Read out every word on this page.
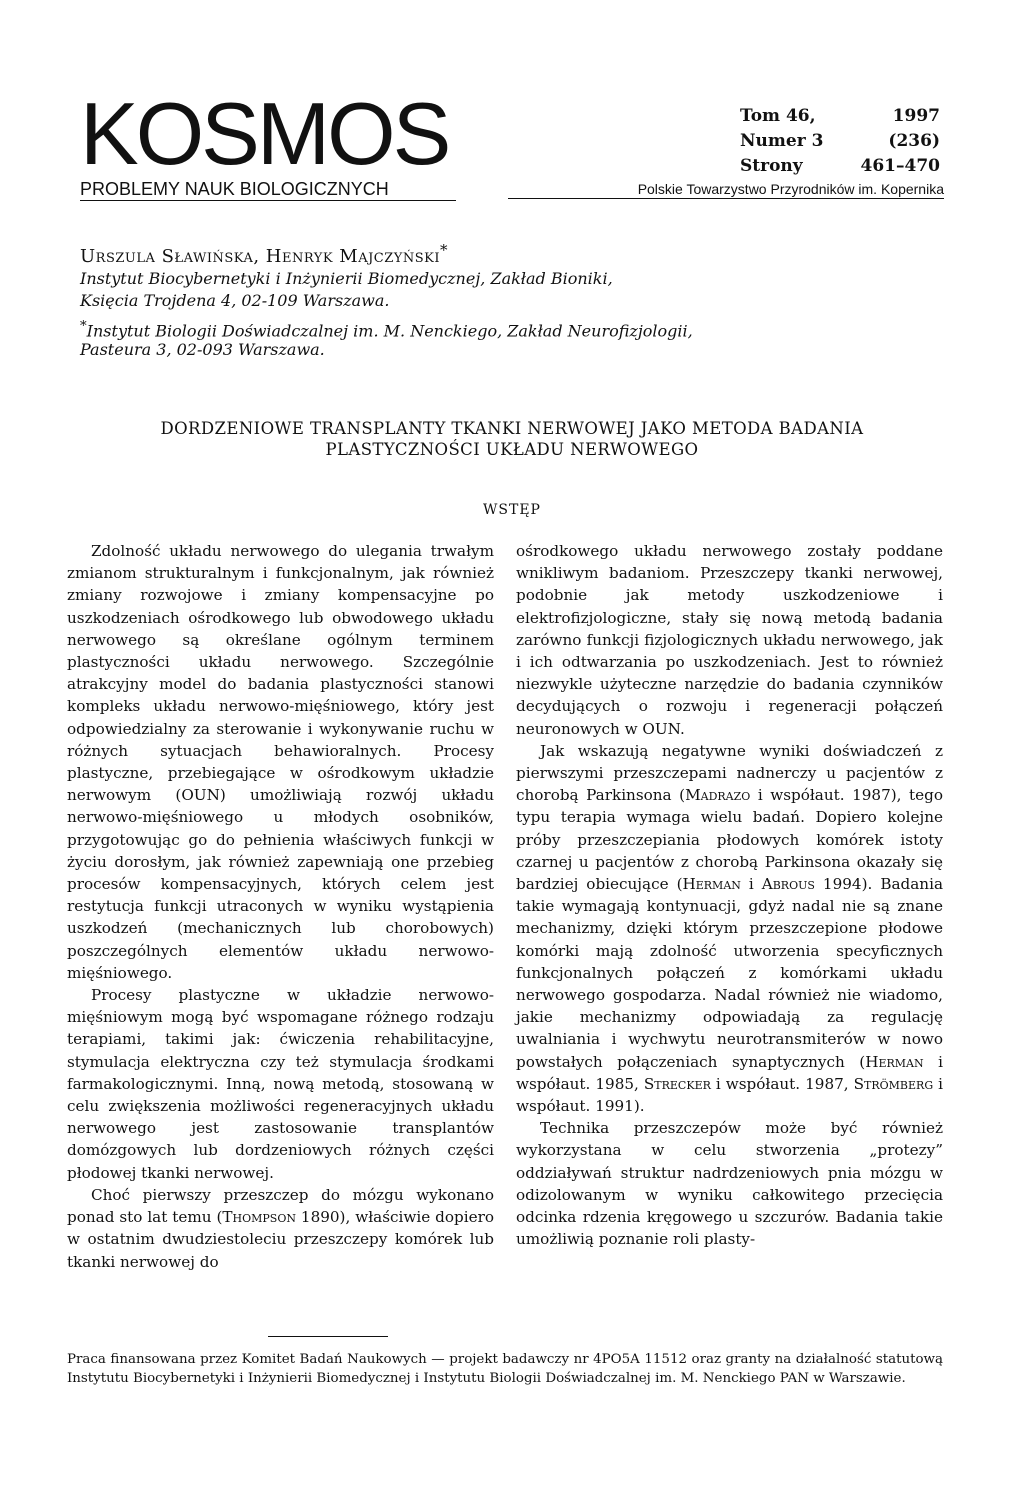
KOSMOS
PROBLEMY NAUK BIOLOGICZNYCH
Tom 46,	1997
Numer 3	(236)
Strony	461–470
Polskie Towarzystwo Przyrodników im. Kopernika
Urszula Sławińska, Henryk Majczyński*
Instytut Biocybernetyki i Inżynierii Biomedycznej, Zakład Bioniki,
Księcia Trojdena 4, 02-109 Warszawa.
*Instytut Biologii Doświadczalnej im. M. Nenckiego, Zakład Neurofizjologii,
Pasteura 3, 02-093 Warszawa.
DORDZENIOWE TRANSPLANTY TKANKI NERWOWEJ JAKO METODA BADANIA
PLASTYCZNOŚCI UKŁADU NERWOWEGO
WSTĘP

Zdolność układu nerwowego do ulegania trwałym zmianom strukturalnym i funkcjonalnym, jak również zmiany rozwojowe i zmiany kompensacyjne po uszkodzeniach ośrodkowego lub obwodowego układu nerwowego są określane ogólnym terminem plastyczności układu nerwowego. Szczególnie atrakcyjny model do badania plastyczności stanowi kompleks układu nerwowo-mięśniowego, który jest odpowiedzialny za sterowanie i wykonywanie ruchu w różnych sytuacjach behawioralnych. Procesy plastyczne, przebiegające w ośrodkowym układzie nerwowym (OUN) umożliwiają rozwój układu nerwowo-mięśniowego u młodych osobników, przygotowując go do pełnienia właściwych funkcji w życiu dorosłym, jak również zapewniają one przebieg procesów kompensacyjnych, których celem jest restytucja funkcji utraconych w wyniku wystąpienia uszkodzeń (mechanicznych lub chorobowych) poszczególnych elementów układu nerwowo-mięśniowego.

Procesy plastyczne w układzie nerwowo-mięśniowym mogą być wspomagane różnego rodzaju terapiami, takimi jak: ćwiczenia rehabilitacyjne, stymulacja elektryczna czy też stymulacja środkami farmakologicznymi. Inną, nową metodą, stosowaną w celu zwiększenia możliwości regeneracyjnych układu nerwowego jest zastosowanie transplantów domózgowych lub dordzeniowych różnych części płodowej tkanki nerwowej.

Choć pierwszy przeszczep do mózgu wykonano ponad sto lat temu (Thompson 1890), właściwie dopiero w ostatnim dwudziestoleciu przeszczepy komórek lub tkanki nerwowej do

ośrodkowego układu nerwowego zostały poddane wnikliwym badaniom. Przeszczepy tkanki nerwowej, podobnie jak metody uszkodzeniowe i elektrofizjologiczne, stały się nową metodą badania zarówno funkcji fizjologicznych układu nerwowego, jak i ich odtwarzania po uszkodzeniach. Jest to również niezwykle użyteczne narzędzie do badania czynników decydujących o rozwoju i regeneracji połączeń neuronowych w OUN.

Jak wskazują negatywne wyniki doświadczeń z pierwszymi przeszczepami nadnerczy u pacjentów z chorobą Parkinsona (Madrazo i współaut. 1987), tego typu terapia wymaga wielu badań. Dopiero kolejne próby przeszczepiania płodowych komórek istoty czarnej u pacjentów z chorobą Parkinsona okazały się bardziej obiecujące (Herman i Abrous 1994). Badania takie wymagają kontynuacji, gdyż nadal nie są znane mechanizmy, dzięki którym przeszczepione płodowe komórki mają zdolność utworzenia specyficznych funkcjonalnych połączeń z komórkami układu nerwowego gospodarza. Nadal również nie wiadomo, jakie mechanizmy odpowiadają za regulację uwalniania i wychwytu neurotransmiterów w nowo powstałych połączeniach synaptycznych (Herman i współaut. 1985, Strecker i współaut. 1987, Strömberg i współaut. 1991).

Technika przeszczepów może być również wykorzystana w celu stworzenia „protezy” oddziaływań struktur nadrdzeniowych pnia mózgu w odizolowanym w wyniku całkowitego przecięcia odcinka rdzenia kręgowego u szczurów. Badania takie umożliwią poznanie roli plasty-

Praca finansowana przez Komitet Badań Naukowych — projekt badawczy nr 4PO5A 11512 oraz granty na działalność statutową Instytutu Biocybernetyki i Inżynierii Biomedycznej i Instytutu Biologii Doświadczalnej im. M. Nenckiego PAN w Warszawie.
